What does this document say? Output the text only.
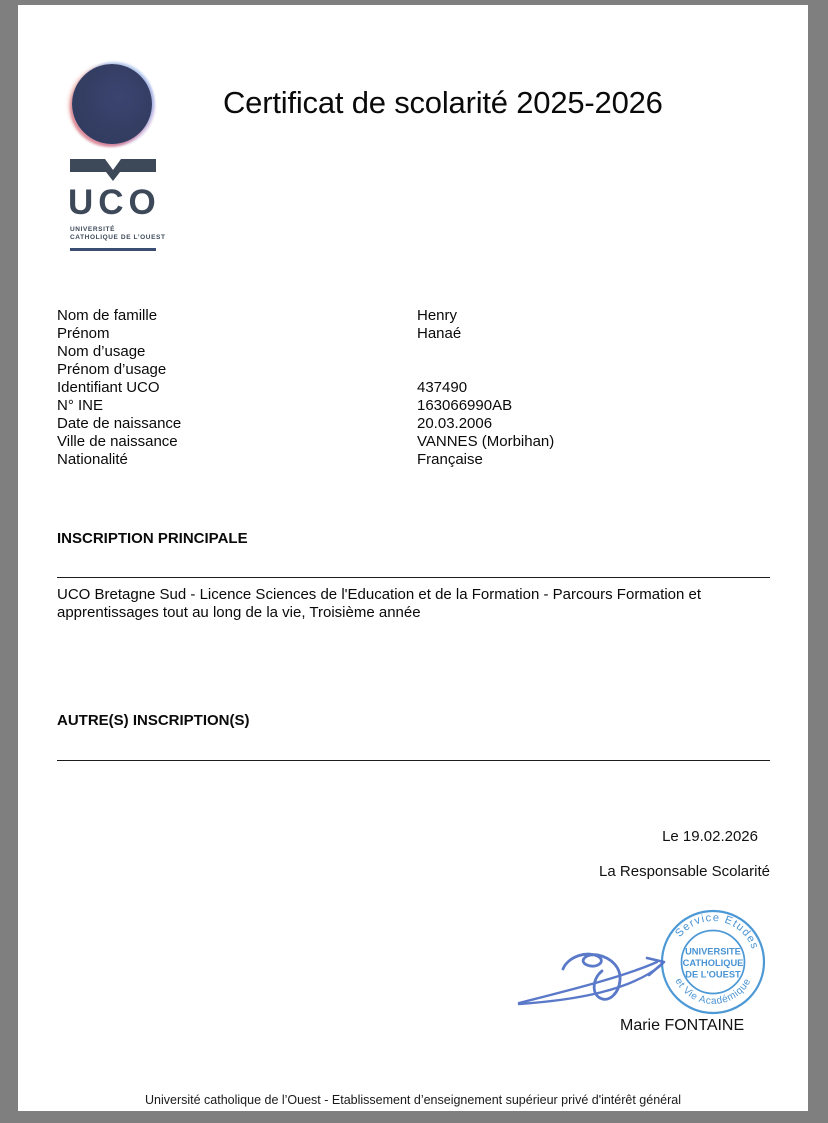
UCO
UNIVERSITÉ
CATHOLIQUE DE L’OUEST
Certificat de scolarité 2025-2026
Nom de famille	Henry
Prénom	Hanaé
Nom d’usage
Prénom d’usage
Identifiant UCO	437490
N° INE	163066990AB
Date de naissance	20.03.2006
Ville de naissance	VANNES (Morbihan)
Nationalité	Française
INSCRIPTION PRINCIPALE
UCO Bretagne Sud - Licence Sciences de l'Education et de la Formation - Parcours Formation et apprentissages tout au long de la vie, Troisième année
AUTRE(S) INSCRIPTION(S)
Le 19.02.2026
La Responsable Scolarité
Service Etudes
et Vie Académique
UNIVERSITE
CATHOLIQUE
DE L'OUEST
Marie FONTAINE
Université catholique de l’Ouest - Etablissement d’enseignement supérieur privé d'intérêt général
